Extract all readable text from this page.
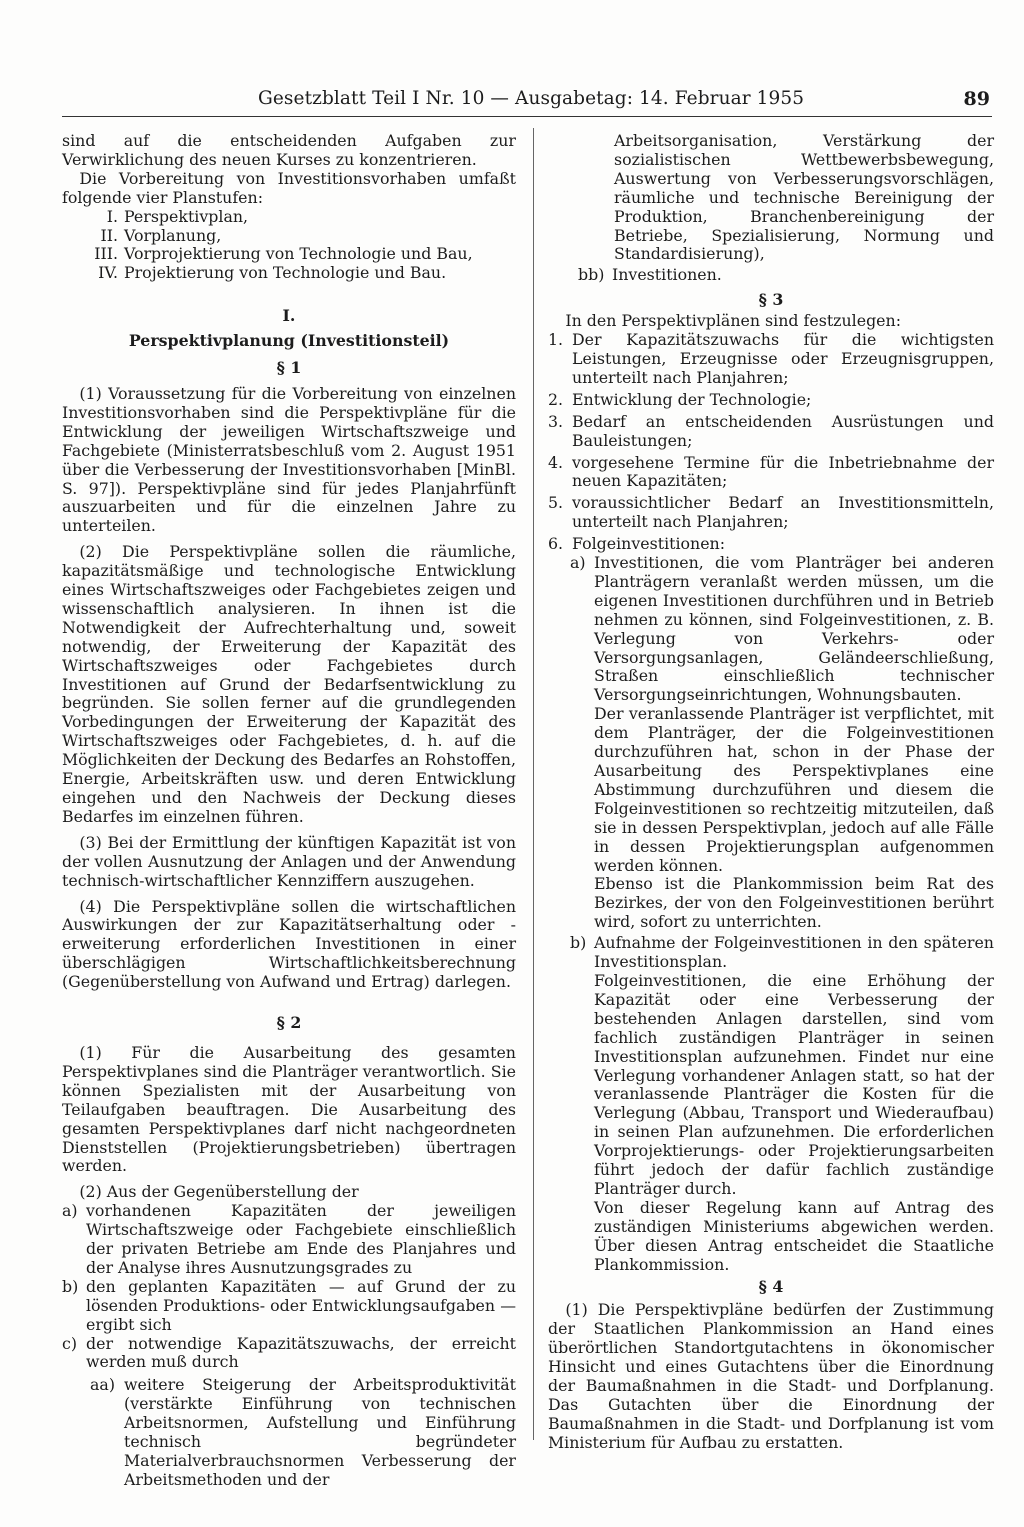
Gesetzblatt Teil I Nr. 10 — Ausgabetag: 14. Februar 1955	89

sind auf die entscheidenden Aufgaben zur Verwirklichung des neuen Kurses zu konzentrieren.

Die Vorbereitung von Investitionsvorhaben umfaßt folgende vier Planstufen:

I. Perspektivplan,
II. Vorplanung,
III. Vorprojektierung von Technologie und Bau,
IV. Projektierung von Technologie und Bau.

I.

Perspektivplanung (Investitionsteil)

§ 1

(1) Voraussetzung für die Vorbereitung von einzelnen Investitionsvorhaben sind die Perspektivpläne für die Entwicklung der jeweiligen Wirtschaftszweige und Fachgebiete (Ministerratsbeschluß vom 2. August 1951 über die Verbesserung der Investitionsvorhaben [MinBl. S. 97]). Perspektivpläne sind für jedes Planjahrfünft auszuarbeiten und für die einzelnen Jahre zu unterteilen.

(2) Die Perspektivpläne sollen die räumliche, kapazitätsmäßige und technologische Entwicklung eines Wirtschaftszweiges oder Fachgebietes zeigen und wissenschaftlich analysieren. In ihnen ist die Notwendigkeit der Aufrechterhaltung und, soweit notwendig, der Erweiterung der Kapazität des Wirtschaftszweiges oder Fachgebietes durch Investitionen auf Grund der Bedarfsentwicklung zu begründen. Sie sollen ferner auf die grundlegenden Vorbedingungen der Erweiterung der Kapazität des Wirtschaftszweiges oder Fachgebietes, d. h. auf die Möglichkeiten der Deckung des Bedarfes an Rohstoffen, Energie, Arbeitskräften usw. und deren Entwicklung eingehen und den Nachweis der Deckung dieses Bedarfes im einzelnen führen.

(3) Bei der Ermittlung der künftigen Kapazität ist von der vollen Ausnutzung der Anlagen und der Anwendung technisch-wirtschaftlicher Kennziffern auszugehen.

(4) Die Perspektivpläne sollen die wirtschaftlichen Auswirkungen der zur Kapazitätserhaltung oder -erweiterung erforderlichen Investitionen in einer überschlägigen Wirtschaftlichkeitsberechnung (Gegenüberstellung von Aufwand und Ertrag) darlegen.

§ 2

(1) Für die Ausarbeitung des gesamten Perspektivplanes sind die Planträger verantwortlich. Sie können Spezialisten mit der Ausarbeitung von Teilaufgaben beauftragen. Die Ausarbeitung des gesamten Perspektivplanes darf nicht nachgeordneten Dienststellen (Projektierungsbetrieben) übertragen werden.

(2) Aus der Gegenüberstellung der

a) vorhandenen Kapazitäten der jeweiligen Wirtschaftszweige oder Fachgebiete einschließlich der privaten Betriebe am Ende des Planjahres und der Analyse ihres Ausnutzungsgrades zu
b) den geplanten Kapazitäten — auf Grund der zu lösenden Produktions- oder Entwicklungsaufgaben — ergibt sich
c) der notwendige Kapazitätszuwachs, der erreicht werden muß durch
aa) weitere Steigerung der Arbeitsproduktivität (verstärkte Einführung von technischen Arbeitsnormen, Aufstellung und Einführung technisch begründeter Materialverbrauchsnormen Verbesserung der Arbeitsmethoden und der

Arbeitsorganisation, Verstärkung der sozialistischen Wettbewerbsbewegung, Auswertung von Verbesserungsvorschlägen, räumliche und technische Bereinigung der Produktion, Branchenbereinigung der Betriebe, Spezialisierung, Normung und Standardisierung),

bb) Investitionen.

§ 3

In den Perspektivplänen sind festzulegen:

1. Der Kapazitätszuwachs für die wichtigsten Leistungen, Erzeugnisse oder Erzeugnisgruppen, unterteilt nach Planjahren;
2. Entwicklung der Technologie;
3. Bedarf an entscheidenden Ausrüstungen und Bauleistungen;
4. vorgesehene Termine für die Inbetriebnahme der neuen Kapazitäten;
5. voraussichtlicher Bedarf an Investitionsmitteln, unterteilt nach Planjahren;
6. Folgeinvestitionen:
a) Investitionen, die vom Planträger bei anderen Planträgern veranlaßt werden müssen, um die eigenen Investitionen durchführen und in Betrieb nehmen zu können, sind Folgeinvestitionen, z. B. Verlegung von Verkehrs- oder Versorgungsanlagen, Geländeerschließung, Straßen einschließlich technischer Versorgungseinrichtungen, Wohnungsbauten.

Der veranlassende Planträger ist verpflichtet, mit dem Planträger, der die Folgeinvestitionen durchzuführen hat, schon in der Phase der Ausarbeitung des Perspektivplanes eine Abstimmung durchzuführen und diesem die Folgeinvestitionen so rechtzeitig mitzuteilen, daß sie in dessen Perspektivplan, jedoch auf alle Fälle in dessen Projektierungsplan aufgenommen werden können.

Ebenso ist die Plankommission beim Rat des Bezirkes, der von den Folgeinvestitionen berührt wird, sofort zu unterrichten.

b) Aufnahme der Folgeinvestitionen in den späteren Investitionsplan.

Folgeinvestitionen, die eine Erhöhung der Kapazität oder eine Verbesserung der bestehenden Anlagen darstellen, sind vom fachlich zuständigen Planträger in seinen Investitionsplan aufzunehmen. Findet nur eine Verlegung vorhandener Anlagen statt, so hat der veranlassende Planträger die Kosten für die Verlegung (Abbau, Transport und Wiederaufbau) in seinen Plan aufzunehmen. Die erforderlichen Vorprojektierungs- oder Projektierungsarbeiten führt jedoch der dafür fachlich zuständige Planträger durch.

Von dieser Regelung kann auf Antrag des zuständigen Ministeriums abgewichen werden. Über diesen Antrag entscheidet die Staatliche Plankommission.

§ 4

(1) Die Perspektivpläne bedürfen der Zustimmung der Staatlichen Plankommission an Hand eines überörtlichen Standortgutachtens in ökonomischer Hinsicht und eines Gutachtens über die Einordnung der Baumaßnahmen in die Stadt- und Dorfplanung. Das Gutachten über die Einordnung der Baumaßnahmen in die Stadt- und Dorfplanung ist vom Ministerium für Aufbau zu erstatten.
